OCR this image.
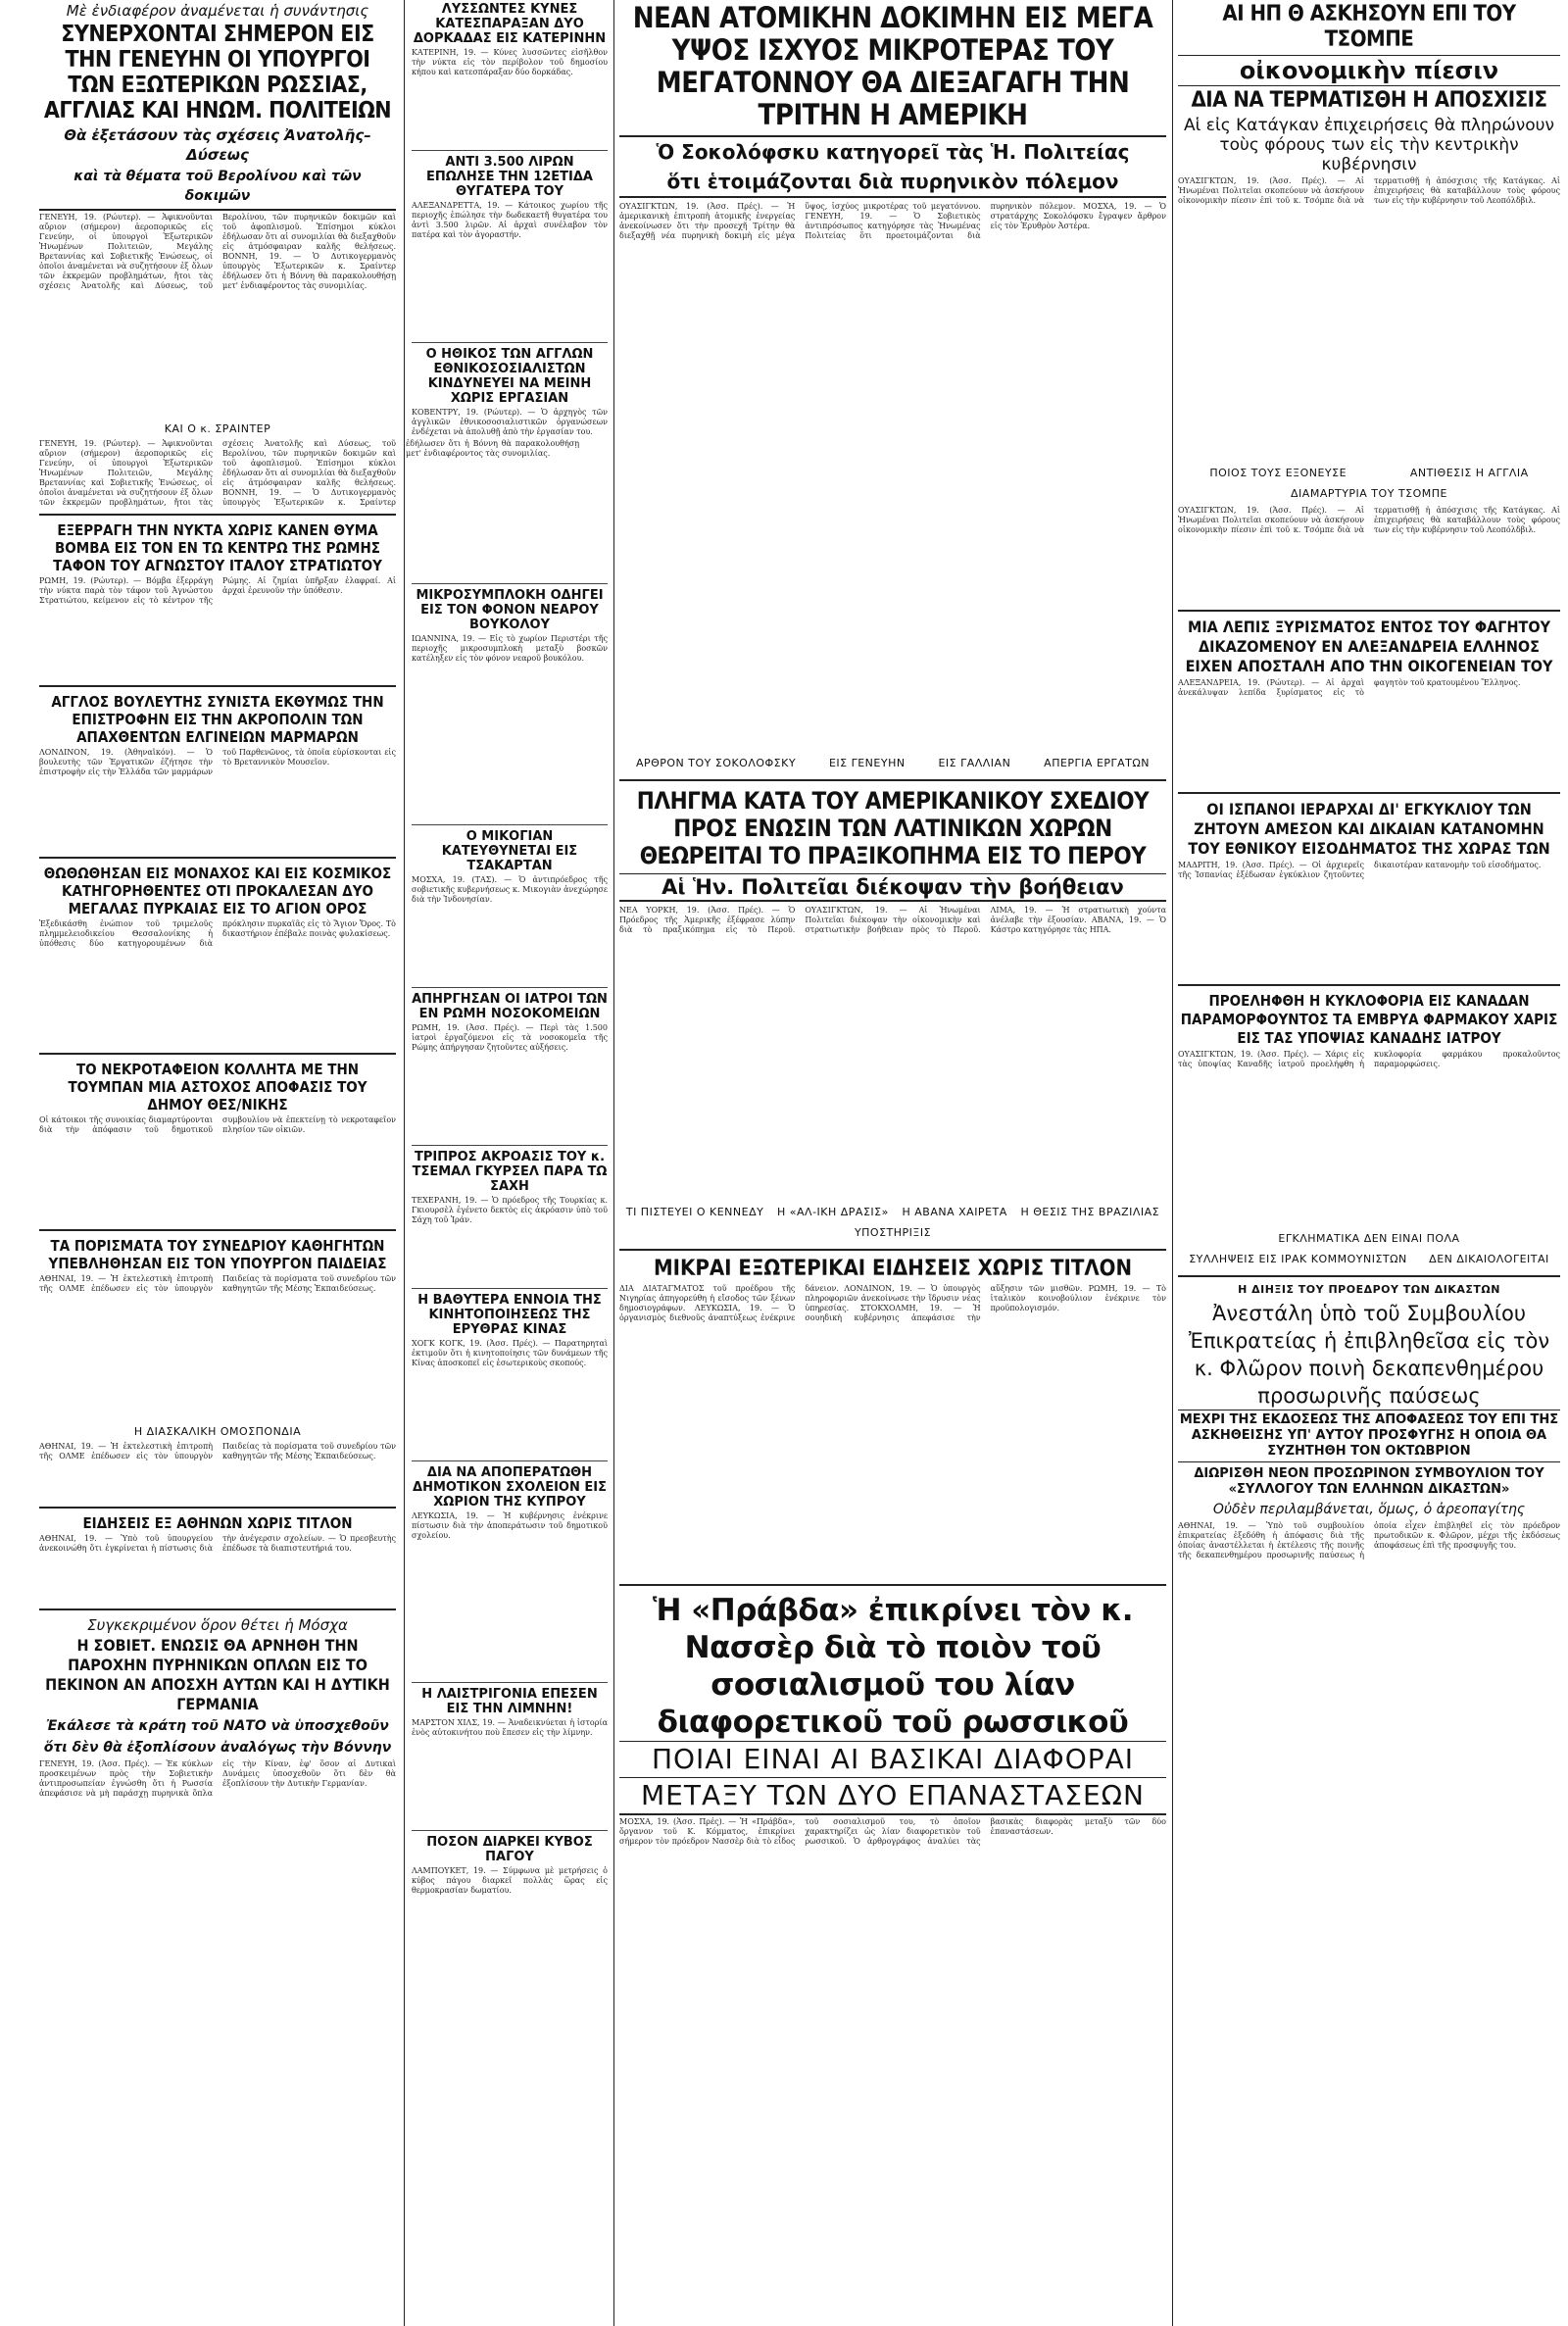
Μὲ ἐνδιαφέρον ἀναμένεται ἡ συνάντησις
ΣΥΝΕΡΧΟΝΤΑΙ ΣΗΜΕΡΟΝ ΕΙΣ ΤΗΝ ΓΕΝΕΥΗΝ ΟΙ ΥΠΟΥΡΓΟΙ ΤΩΝ ΕΞΩΤΕΡΙΚΩΝ ΡΩΣΣΙΑΣ, ΑΓΓΛΙΑΣ ΚΑΙ ΗΝΩΜ. ΠΟΛΙΤΕΙΩΝ
Θὰ ἐξετάσουν τὰς σχέσεις Ἀνατολῆς–Δύσεως
καὶ τὰ θέματα τοῦ Βερολίνου καὶ τῶν δοκιμῶν
ΓΕΝΕΥΗ, 19. (Ρώυτερ). — Ἀφικνοῦνται αὔριον (σήμερον) ἀεροπορικῶς εἰς Γενεύην, οἱ ὑπουργοὶ Ἐξωτερικῶν Ἡνωμένων Πολιτειῶν, Μεγάλης Βρεταννίας καὶ Σοβιετικῆς Ἑνώσεως, οἱ ὁποῖοι ἀναμένεται νὰ συζητήσουν ἐξ ὅλων τῶν ἐκκρεμῶν προβλημάτων, ἤτοι τὰς σχέσεις Ἀνατολῆς καὶ Δύσεως, τοῦ Βερολίνου, τῶν πυρηνικῶν δοκιμῶν καὶ τοῦ ἀφοπλισμοῦ. Ἐπίσημοι κύκλοι ἐδήλωσαν ὅτι αἱ συνομιλίαι θὰ διεξαχθοῦν εἰς ἀτμόσφαιραν καλῆς θελήσεως. ΒΟΝΝΗ, 19. — Ὁ Δυτικογερμανὸς ὑπουργὸς Ἐξωτερικῶν κ. Σραίντερ ἐδήλωσεν ὅτι ἡ Βόννη θὰ παρακολουθήσῃ μετ' ἐνδιαφέροντος τὰς συνομιλίας.
ΚΑΙ Ο κ. ΣΡΑΙΝΤΕΡ
ΓΕΝΕΥΗ, 19. (Ρώυτερ). — Ἀφικνοῦνται αὔριον (σήμερον) ἀεροπορικῶς εἰς Γενεύην, οἱ ὑπουργοὶ Ἐξωτερικῶν Ἡνωμένων Πολιτειῶν, Μεγάλης Βρεταννίας καὶ Σοβιετικῆς Ἑνώσεως, οἱ ὁποῖοι ἀναμένεται νὰ συζητήσουν ἐξ ὅλων τῶν ἐκκρεμῶν προβλημάτων, ἤτοι τὰς σχέσεις Ἀνατολῆς καὶ Δύσεως, τοῦ Βερολίνου, τῶν πυρηνικῶν δοκιμῶν καὶ τοῦ ἀφοπλισμοῦ. Ἐπίσημοι κύκλοι ἐδήλωσαν ὅτι αἱ συνομιλίαι θὰ διεξαχθοῦν εἰς ἀτμόσφαιραν καλῆς θελήσεως. ΒΟΝΝΗ, 19. — Ὁ Δυτικογερμανὸς ὑπουργὸς Ἐξωτερικῶν κ. Σραίντερ ἐδήλωσεν ὅτι ἡ Βόννη θὰ παρακολουθήσῃ μετ' ἐνδιαφέροντος τὰς συνομιλίας.
ΕΞΕΡΡΑΓΗ ΤΗΝ ΝΥΚΤΑ ΧΩΡΙΣ ΚΑΝΕΝ ΘΥΜΑ ΒΟΜΒΑ ΕΙΣ ΤΟΝ ΕΝ ΤΩ ΚΕΝΤΡΩ ΤΗΣ ΡΩΜΗΣ ΤΑΦΟΝ ΤΟΥ ΑΓΝΩΣΤΟΥ ΙΤΑΛΟΥ ΣΤΡΑΤΙΩΤΟΥ
ΡΩΜΗ, 19. (Ρώυτερ). — Βόμβα ἐξερράγη τὴν νύκτα παρὰ τὸν τάφον τοῦ Ἀγνώστου Στρατιώτου, κείμενον εἰς τὸ κέντρον τῆς Ρώμης. Αἱ ζημίαι ὑπῆρξαν ἐλαφραί. Αἱ ἀρχαὶ ἐρευνοῦν τὴν ὑπόθεσιν.
ΑΓΓΛΟΣ ΒΟΥΛΕΥΤΗΣ ΣΥΝΙΣΤΑ ΕΚΘΥΜΩΣ ΤΗΝ ΕΠΙΣΤΡΟΦΗΝ ΕΙΣ ΤΗΝ ΑΚΡΟΠΟΛΙΝ ΤΩΝ ΑΠΑΧΘΕΝΤΩΝ ΕΛΓΙΝΕΙΩΝ ΜΑΡΜΑΡΩΝ
ΛΟΝΔΙΝΟΝ, 19. (Ἀθηναϊκόν). — Ὁ βουλευτὴς τῶν Ἐργατικῶν ἐζήτησε τὴν ἐπιστροφὴν εἰς τὴν Ἑλλάδα τῶν μαρμάρων τοῦ Παρθενῶνος, τὰ ὁποῖα εὑρίσκονται εἰς τὸ Βρεταννικὸν Μουσεῖον.
ΘΩΘΩΘΗΣΑΝ ΕΙΣ ΜΟΝΑΧΟΣ ΚΑΙ ΕΙΣ ΚΟΣΜΙΚΟΣ ΚΑΤΗΓΟΡΗΘΕΝΤΕΣ ΟΤΙ ΠΡΟΚΑΛΕΣΑΝ ΔΥΟ ΜΕΓΑΛΑΣ ΠΥΡΚΑΙΑΣ ΕΙΣ ΤΟ ΑΓΙΟΝ ΟΡΟΣ
Ἐξεδικάσθη ἐνώπιον τοῦ τριμελοῦς πλημμελειοδικείου Θεσσαλονίκης ἡ ὑπόθεσις δύο κατηγορουμένων διὰ πρόκλησιν πυρκαϊᾶς εἰς τὸ Ἅγιον Ὄρος. Τὸ δικαστήριον ἐπέβαλε ποινὰς φυλακίσεως.
ΤΟ ΝΕΚΡΟΤΑΦΕΙΟΝ ΚΟΛΛΗΤΑ ΜΕ ΤΗΝ ΤΟΥΜΠΑΝ ΜΙΑ ΑΣΤΟΧΟΣ ΑΠΟΦΑΣΙΣ ΤΟΥ ΔΗΜΟΥ ΘΕΣ/ΝΙΚΗΣ
Οἱ κάτοικοι τῆς συνοικίας διαμαρτύρονται διὰ τὴν ἀπόφασιν τοῦ δημοτικοῦ συμβουλίου νὰ ἐπεκτείνῃ τὸ νεκροταφεῖον πλησίον τῶν οἰκιῶν.
ΤΑ ΠΟΡΙΣΜΑΤΑ ΤΟΥ ΣΥΝΕΔΡΙΟΥ ΚΑΘΗΓΗΤΩΝ ΥΠΕΒΛΗΘΗΣΑΝ ΕΙΣ ΤΟΝ ΥΠΟΥΡΓΟΝ ΠΑΙΔΕΙΑΣ
ΑΘΗΝΑΙ, 19. — Ἡ ἐκτελεστικὴ ἐπιτροπὴ τῆς ΟΛΜΕ ἐπέδωσεν εἰς τὸν ὑπουργὸν Παιδείας τὰ πορίσματα τοῦ συνεδρίου τῶν καθηγητῶν τῆς Μέσης Ἐκπαιδεύσεως.
Η ΔΙΑΣΚΑΛΙΚΗ ΟΜΟΣΠΟΝΔΙΑ
ΑΘΗΝΑΙ, 19. — Ἡ ἐκτελεστικὴ ἐπιτροπὴ τῆς ΟΛΜΕ ἐπέδωσεν εἰς τὸν ὑπουργὸν Παιδείας τὰ πορίσματα τοῦ συνεδρίου τῶν καθηγητῶν τῆς Μέσης Ἐκπαιδεύσεως.
ΕΙΔΗΣΕΙΣ ΕΞ ΑΘΗΝΩΝ ΧΩΡΙΣ ΤΙΤΛΟΝ
ΑΘΗΝΑΙ, 19. — Ὑπὸ τοῦ ὑπουργείου ἀνεκοινώθη ὅτι ἐγκρίνεται ἡ πίστωσις διὰ τὴν ἀνέγερσιν σχολείων. — Ὁ πρεσβευτὴς ἐπέδωσε τὰ διαπιστευτήριά του.
Συγκεκριμένον ὅρον θέτει ἡ Μόσχα
Η ΣΟΒΙΕΤ. ΕΝΩΣΙΣ ΘΑ ΑΡΝΗΘΗ ΤΗΝ ΠΑΡΟΧΗΝ ΠΥΡΗΝΙΚΩΝ ΟΠΛΩΝ ΕΙΣ ΤΟ ΠΕΚΙΝΟΝ ΑΝ ΑΠΟΣΧΗ ΑΥΤΩΝ ΚΑΙ Η ΔΥΤΙΚΗ ΓΕΡΜΑΝΙΑ
Ἐκάλεσε τὰ κράτη τοῦ ΝΑΤΟ νὰ ὑποσχεθοῦν
ὅτι δὲν θὰ ἐξοπλίσουν ἀναλόγως τὴν Βόννην
ΓΕΝΕΥΗ, 19. (Ἀσσ. Πρές). — Ἐκ κύκλων προσκειμένων πρὸς τὴν Σοβιετικὴν ἀντιπροσωπείαν ἐγνώσθη ὅτι ἡ Ρωσσία ἀπεφάσισε νὰ μὴ παράσχῃ πυρηνικὰ ὅπλα εἰς τὴν Κίναν, ἐφ' ὅσον αἱ Δυτικαὶ Δυνάμεις ὑποσχεθοῦν ὅτι δὲν θὰ ἐξοπλίσουν τὴν Δυτικὴν Γερμανίαν.
ΛΥΣΣΩΝΤΕΣ ΚΥΝΕΣ ΚΑΤΕΣΠΑΡΑΞΑΝ ΔΥΟ ΔΟΡΚΑΔΑΣ ΕΙΣ ΚΑΤΕΡΙΝΗΝ
ΚΑΤΕΡΙΝΗ, 19. — Κύνες λυσσῶντες εἰσῆλθον τὴν νύκτα εἰς τὸν περίβολον τοῦ δημοσίου κήπου καὶ κατεσπάραξαν δύο δορκάδας.
ΑΝΤΙ 3.500 ΛΙΡΩΝ ΕΠΩΛΗΣΕ ΤΗΝ 12ΕΤΙΔΑ ΘΥΓΑΤΕΡΑ ΤΟΥ
ΑΛΕΞΑΝΔΡΕΤΤΑ, 19. — Κάτοικος χωρίου τῆς περιοχῆς ἐπώλησε τὴν δωδεκαετῆ θυγατέρα του ἀντὶ 3.500 λιρῶν. Αἱ ἀρχαὶ συνέλαβον τὸν πατέρα καὶ τὸν ἀγοραστήν.
Ο ΗΘΙΚΟΣ ΤΩΝ ΑΓΓΛΩΝ ΕΘΝΙΚΟΣΟΣΙΑΛΙΣΤΩΝ ΚΙΝΔΥΝΕΥΕΙ ΝΑ ΜΕΙΝΗ ΧΩΡΙΣ ΕΡΓΑΣΙΑΝ
ΚΟΒΕΝΤΡΥ, 19. (Ρώυτερ). — Ὁ ἀρχηγὸς τῶν ἀγγλικῶν ἐθνικοσοσιαλιστικῶν ὀργανώσεων ἐνδέχεται νὰ ἀπολυθῇ ἀπὸ τὴν ἐργασίαν του.
ΜΙΚΡΟΣΥΜΠΛΟΚΗ ΟΔΗΓΕΙ ΕΙΣ ΤΟΝ ΦΟΝΟΝ ΝΕΑΡΟΥ ΒΟΥΚΟΛΟΥ
ΙΩΑΝΝΙΝΑ, 19. — Εἰς τὸ χωρίον Περιστέρι τῆς περιοχῆς μικροσυμπλοκὴ μεταξὺ βοσκῶν κατέληξεν εἰς τὸν φόνον νεαροῦ βουκόλου.
Ο ΜΙΚΟΓΙΑΝ ΚΑΤΕΥΘΥΝΕΤΑΙ ΕΙΣ ΤΣΑΚΑΡΤΑΝ
ΜΟΣΧΑ, 19. (ΤΑΣ). — Ὁ ἀντιπρόεδρος τῆς σοβιετικῆς κυβερνήσεως κ. Μικογιὰν ἀνεχώρησε διὰ τὴν Ἰνδονησίαν.
ΑΠΗΡΓΗΣΑΝ ΟΙ ΙΑΤΡΟΙ ΤΩΝ ΕΝ ΡΩΜΗ ΝΟΣΟΚΟΜΕΙΩΝ
ΡΩΜΗ, 19. (Ἀσσ. Πρές). — Περὶ τὰς 1.500 ἰατροὶ ἐργαζόμενοι εἰς τὰ νοσοκομεῖα τῆς Ρώμης ἀπήργησαν ζητοῦντες αὐξήσεις.
ΤΡΙΠΡΟΣ ΑΚΡΟΑΣΙΣ ΤΟΥ κ. ΤΣΕΜΑΛ ΓΚΥΡΣΕΛ ΠΑΡΑ ΤΩ ΣΑΧΗ
ΤΕΧΕΡΑΝΗ, 19. — Ὁ πρόεδρος τῆς Τουρκίας κ. Γκιουρσὲλ ἐγένετο δεκτὸς εἰς ἀκρόασιν ὑπὸ τοῦ Σάχη τοῦ Ἰράν.
Η ΒΑΘΥΤΕΡΑ ΕΝΝΟΙΑ ΤΗΣ ΚΙΝΗΤΟΠΟΙΗΣΕΩΣ ΤΗΣ ΕΡΥΘΡΑΣ ΚΙΝΑΣ
ΧΟΓΚ ΚΟΓΚ, 19. (Ἀσσ. Πρές). — Παρατηρηταὶ ἐκτιμοῦν ὅτι ἡ κινητοποίησις τῶν δυνάμεων τῆς Κίνας ἀποσκοπεῖ εἰς ἐσωτερικοὺς σκοπούς.
ΔΙΑ ΝΑ ΑΠΟΠΕΡΑΤΩΘΗ ΔΗΜΟΤΙΚΟΝ ΣΧΟΛΕΙΟΝ ΕΙΣ ΧΩΡΙΟΝ ΤΗΣ ΚΥΠΡΟΥ
ΛΕΥΚΩΣΙΑ, 19. — Ἡ κυβέρνησις ἐνέκρινε πίστωσιν διὰ τὴν ἀποπεράτωσιν τοῦ δημοτικοῦ σχολείου.
Η ΛΑΙΣΤΡΙΓΟΝΙΑ ΕΠΕΣΕΝ ΕΙΣ ΤΗΝ ΛΙΜΝΗΝ!
ΜΑΡΣΤΟΝ ΧΙΛΣ, 19. — Ἀναδεικνύεται ἡ ἱστορία ἑνὸς αὐτοκινήτου ποὺ ἔπεσεν εἰς τὴν λίμνην.
ΠΟΣΟΝ ΔΙΑΡΚΕΙ ΚΥΒΟΣ ΠΑΓΟΥ
ΛΑΜΠΟΥΚΕΤ, 19. — Σύμφωνα μὲ μετρήσεις ὁ κύβος πάγου διαρκεῖ πολλὰς ὥρας εἰς θερμοκρασίαν δωματίου.
ΝΕΑΝ ΑΤΟΜΙΚΗΝ ΔΟΚΙΜΗΝ ΕΙΣ ΜΕΓΑ ΥΨΟΣ ΙΣΧΥΟΣ ΜΙΚΡΟΤΕΡΑΣ ΤΟΥ ΜΕΓΑΤΟΝΝΟΥ ΘΑ ΔΙΕΞΑΓΑΓΗ ΤΗΝ ΤΡΙΤΗΝ Η ΑΜΕΡΙΚΗ
Ὁ Σοκολόφσκυ κατηγορεῖ τὰς Ἡ. Πολιτείας
ὅτι ἑτοιμάζονται διὰ πυρηνικὸν πόλεμον
ΟΥΑΣΙΓΚΤΩΝ, 19. (Ἀσσ. Πρές). — Ἡ ἀμερικανικὴ ἐπιτροπὴ ἀτομικῆς ἐνεργείας ἀνεκοίνωσεν ὅτι τὴν προσεχῆ Τρίτην θὰ διεξαχθῇ νέα πυρηνικὴ δοκιμὴ εἰς μέγα ὕψος, ἰσχύος μικροτέρας τοῦ μεγατόννου. ΓΕΝΕΥΗ, 19. — Ὁ Σοβιετικὸς ἀντιπρόσωπος κατηγόρησε τὰς Ἡνωμένας Πολιτείας ὅτι προετοιμάζονται διὰ πυρηνικὸν πόλεμον. ΜΟΣΧΑ, 19. — Ὁ στρατάρχης Σοκολόφσκυ ἔγραψεν ἄρθρον εἰς τὸν Ἐρυθρὸν Ἀστέρα.
ΑΡΘΡΟΝ ΤΟΥ ΣΟΚΟΛΟΦΣΚΥ	ΕΙΣ ΓΕΝΕΥΗΝ	ΕΙΣ ΓΑΛΛΙΑΝ	ΑΠΕΡΓΙΑ ΕΡΓΑΤΩΝ
ΠΛΗΓΜΑ ΚΑΤΑ ΤΟΥ ΑΜΕΡΙΚΑΝΙΚΟΥ ΣΧΕΔΙΟΥ ΠΡΟΣ ΕΝΩΣΙΝ ΤΩΝ ΛΑΤΙΝΙΚΩΝ ΧΩΡΩΝ ΘΕΩΡΕΙΤΑΙ ΤΟ ΠΡΑΞΙΚΟΠΗΜΑ ΕΙΣ ΤΟ ΠΕΡΟΥ
Αἱ Ἡν. Πολιτεῖαι διέκοψαν τὴν βοήθειαν
ΝΕΑ ΥΟΡΚΗ, 19. (Ἀσσ. Πρές). — Ὁ Πρόεδρος τῆς Ἀμερικῆς ἐξέφρασε λύπην διὰ τὸ πραξικόπημα εἰς τὸ Περοῦ. ΟΥΑΣΙΓΚΤΩΝ, 19. — Αἱ Ἡνωμέναι Πολιτεῖαι διέκοψαν τὴν οἰκονομικὴν καὶ στρατιωτικὴν βοήθειαν πρὸς τὸ Περοῦ. ΛΙΜΑ, 19. — Ἡ στρατιωτικὴ χούντα ἀνέλαβε τὴν ἐξουσίαν. ΑΒΑΝΑ, 19. — Ὁ Κάστρο κατηγόρησε τὰς ΗΠΑ.
ΤΙ ΠΙΣΤΕΥΕΙ Ο ΚΕΝΝΕΔΥ Η «ΑΛ-ΙΚΗ ΔΡΑΣΙΣ» Η ΑΒΑΝΑ ΧΑΙΡΕΤΑ Η ΘΕΣΙΣ ΤΗΣ ΒΡΑΖΙΛΙΑΣ
ΥΠΟΣΤΗΡΙΞΙΣ
ΜΙΚΡΑΙ ΕΞΩΤΕΡΙΚΑΙ ΕΙΔΗΣΕΙΣ ΧΩΡΙΣ ΤΙΤΛΟΝ
ΔΙΑ ΔΙΑΤΑΓΜΑΤΟΣ τοῦ προέδρου τῆς Νιγηρίας ἀπηγορεύθη ἡ εἴσοδος τῶν ξένων δημοσιογράφων. ΛΕΥΚΩΣΙΑ, 19. — Ὁ ὀργανισμὸς διεθνοῦς ἀναπτύξεως ἐνέκρινε δάνειον. ΛΟΝΔΙΝΟΝ, 19. — Ὁ ὑπουργὸς πληροφοριῶν ἀνεκοίνωσε τὴν ἵδρυσιν νέας ὑπηρεσίας. ΣΤΟΚΧΟΛΜΗ, 19. — Ἡ σουηδικὴ κυβέρνησις ἀπεφάσισε τὴν αὔξησιν τῶν μισθῶν. ΡΩΜΗ, 19. — Τὸ ἰταλικὸν κοινοβούλιον ἐνέκρινε τὸν προϋπολογισμόν.
Ἡ «Πράβδα» ἐπικρίνει τὸν κ. Νασσὲρ διὰ τὸ ποιὸν τοῦ σοσιαλισμοῦ του λίαν διαφορετικοῦ τοῦ ρωσσικοῦ
ΠΟΙΑΙ ΕΙΝΑΙ ΑΙ ΒΑΣΙΚΑΙ ΔΙΑΦΟΡΑΙ
ΜΕΤΑΞΥ ΤΩΝ ΔΥΟ ΕΠΑΝΑΣΤΑΣΕΩΝ
ΜΟΣΧΑ, 19. (Ἀσσ. Πρές). — Ἡ «Πράβδα», ὄργανον τοῦ Κ. Κόμματος, ἐπικρίνει σήμερον τὸν πρόεδρον Νασσὲρ διὰ τὸ εἶδος τοῦ σοσιαλισμοῦ του, τὸ ὁποῖον χαρακτηρίζει ὡς λίαν διαφορετικὸν τοῦ ρωσσικοῦ. Ὁ ἀρθρογράφος ἀναλύει τὰς βασικὰς διαφορὰς μεταξὺ τῶν δύο ἐπαναστάσεων.
ΑΙ ΗΠ Θ ΑΣΚΗΣΟΥΝ ΕΠΙ ΤΟΥ ΤΣΟΜΠΕ
οἰκονομικὴν πίεσιν
ΔΙΑ ΝΑ ΤΕΡΜΑΤΙΣΘΗ Η ΑΠΟΣΧΙΣΙΣ
Αἱ εἰς Κατάγκαν ἐπιχειρήσεις θὰ πληρώνουν τοὺς φόρους των εἰς τὴν κεντρικὴν κυβέρνησιν
ΟΥΑΣΙΓΚΤΩΝ, 19. (Ἀσσ. Πρές). — Αἱ Ἡνωμέναι Πολιτεῖαι σκοπεύουν νὰ ἀσκήσουν οἰκονομικὴν πίεσιν ἐπὶ τοῦ κ. Τσόμπε διὰ νὰ τερματισθῇ ἡ ἀπόσχισις τῆς Κατάγκας. Αἱ ἐπιχειρήσεις θὰ καταβάλλουν τοὺς φόρους των εἰς τὴν κυβέρνησιν τοῦ Λεοπόλδβιλ.
ΠΟΙΟΣ ΤΟΥΣ ΕΞΟΝΕΥΣΕ	ΑΝΤΙΘΕΣΙΣ Η ΑΓΓΛΙΑ
ΔΙΑΜΑΡΤΥΡΙΑ ΤΟΥ ΤΣΟΜΠΕ
ΟΥΑΣΙΓΚΤΩΝ, 19. (Ἀσσ. Πρές). — Αἱ Ἡνωμέναι Πολιτεῖαι σκοπεύουν νὰ ἀσκήσουν οἰκονομικὴν πίεσιν ἐπὶ τοῦ κ. Τσόμπε διὰ νὰ τερματισθῇ ἡ ἀπόσχισις τῆς Κατάγκας. Αἱ ἐπιχειρήσεις θὰ καταβάλλουν τοὺς φόρους των εἰς τὴν κυβέρνησιν τοῦ Λεοπόλδβιλ.
ΜΙΑ ΛΕΠΙΣ ΞΥΡΙΣΜΑΤΟΣ ΕΝΤΟΣ ΤΟΥ ΦΑΓΗΤΟΥ ΔΙΚΑΖΟΜΕΝΟΥ ΕΝ ΑΛΕΞΑΝΔΡΕΙΑ ΕΛΛΗΝΟΣ ΕΙΧΕΝ ΑΠΟΣΤΑΛΗ ΑΠΟ ΤΗΝ ΟΙΚΟΓΕΝΕΙΑΝ ΤΟΥ
ΑΛΕΞΑΝΔΡΕΙΑ, 19. (Ρώυτερ). — Αἱ ἀρχαὶ ἀνεκάλυψαν λεπίδα ξυρίσματος εἰς τὸ φαγητὸν τοῦ κρατουμένου Ἕλληνος.
ΟΙ ΙΣΠΑΝΟΙ ΙΕΡΑΡΧΑΙ ΔΙ' ΕΓΚΥΚΛΙΟΥ ΤΩΝ ΖΗΤΟΥΝ ΑΜΕΣΟΝ ΚΑΙ ΔΙΚΑΙΑΝ ΚΑΤΑΝΟΜΗΝ ΤΟΥ ΕΘΝΙΚΟΥ ΕΙΣΟΔΗΜΑΤΟΣ ΤΗΣ ΧΩΡΑΣ ΤΩΝ
ΜΑΔΡΙΤΗ, 19. (Ἀσσ. Πρές). — Οἱ ἀρχιερεῖς τῆς Ἱσπανίας ἐξέδωσαν ἐγκύκλιον ζητοῦντες δικαιοτέραν κατανομὴν τοῦ εἰσοδήματος.
ΠΡΟΕΛΗΦΘΗ Η ΚΥΚΛΟΦΟΡΙΑ ΕΙΣ ΚΑΝΑΔΑΝ ΠΑΡΑΜΟΡΦΟΥΝΤΟΣ ΤΑ ΕΜΒΡΥΑ ΦΑΡΜΑΚΟΥ ΧΑΡΙΣ ΕΙΣ ΤΑΣ ΥΠΟΨΙΑΣ ΚΑΝΑΔΗΣ ΙΑΤΡΟΥ
ΟΥΑΣΙΓΚΤΩΝ, 19. (Ἀσσ. Πρές). — Χάρις εἰς τὰς ὑποψίας Καναδῆς ἰατροῦ προελήφθη ἡ κυκλοφορία φαρμάκου προκαλοῦντος παραμορφώσεις.
ΕΓΚΛΗΜΑΤΙΚΑ ΔΕΝ ΕΙΝΑΙ ΠΟΛΑ
ΣΥΛΛΗΨΕΙΣ ΕΙΣ ΙΡΑΚ ΚΟΜΜΟΥΝΙΣΤΩΝ ΔΕΝ ΔΙΚΑΙΟΛΟΓΕΙΤΑΙ
Η ΔΙΗΞΙΣ ΤΟΥ ΠΡΟΕΔΡΟΥ ΤΩΝ ΔΙΚΑΣΤΩΝ
Ἀνεστάλη ὑπὸ τοῦ Συμβουλίου Ἐπικρατείας ἡ ἐπιβληθεῖσα εἰς τὸν κ. Φλῶρον ποινὴ δεκαπενθημέρου προσωρινῆς παύσεως
ΜΕΧΡΙ ΤΗΣ ΕΚΔΟΣΕΩΣ ΤΗΣ ΑΠΟΦΑΣΕΩΣ ΤΟΥ ΕΠΙ ΤΗΣ ΑΣΚΗΘΕΙΣΗΣ ΥΠ' ΑΥΤΟΥ ΠΡΟΣΦΥΓΗΣ Η ΟΠΟΙΑ ΘΑ ΣΥΖΗΤΗΘΗ ΤΟΝ ΟΚΤΩΒΡΙΟΝ
ΔΙΩΡΙΣΘΗ ΝΕΟΝ ΠΡΟΣΩΡΙΝΟΝ ΣΥΜΒΟΥΛΙΟΝ ΤΟΥ «ΣΥΛΛΟΓΟΥ ΤΩΝ ΕΛΛΗΝΩΝ ΔΙΚΑΣΤΩΝ»
Οὐδὲν περιλαμβάνεται, ὅμως, ὁ ἀρεοπαγίτης
ΑΘΗΝΑΙ, 19. — Ὑπὸ τοῦ συμβουλίου ἐπικρατείας ἐξεδόθη ἡ ἀπόφασις διὰ τῆς ὁποίας ἀναστέλλεται ἡ ἐκτέλεσις τῆς ποινῆς τῆς δεκαπενθημέρου προσωρινῆς παύσεως ἡ ὁποία εἶχεν ἐπιβληθεῖ εἰς τὸν πρόεδρον πρωτοδικῶν κ. Φλῶρον, μέχρι τῆς ἐκδόσεως ἀποφάσεως ἐπὶ τῆς προσφυγῆς του.
